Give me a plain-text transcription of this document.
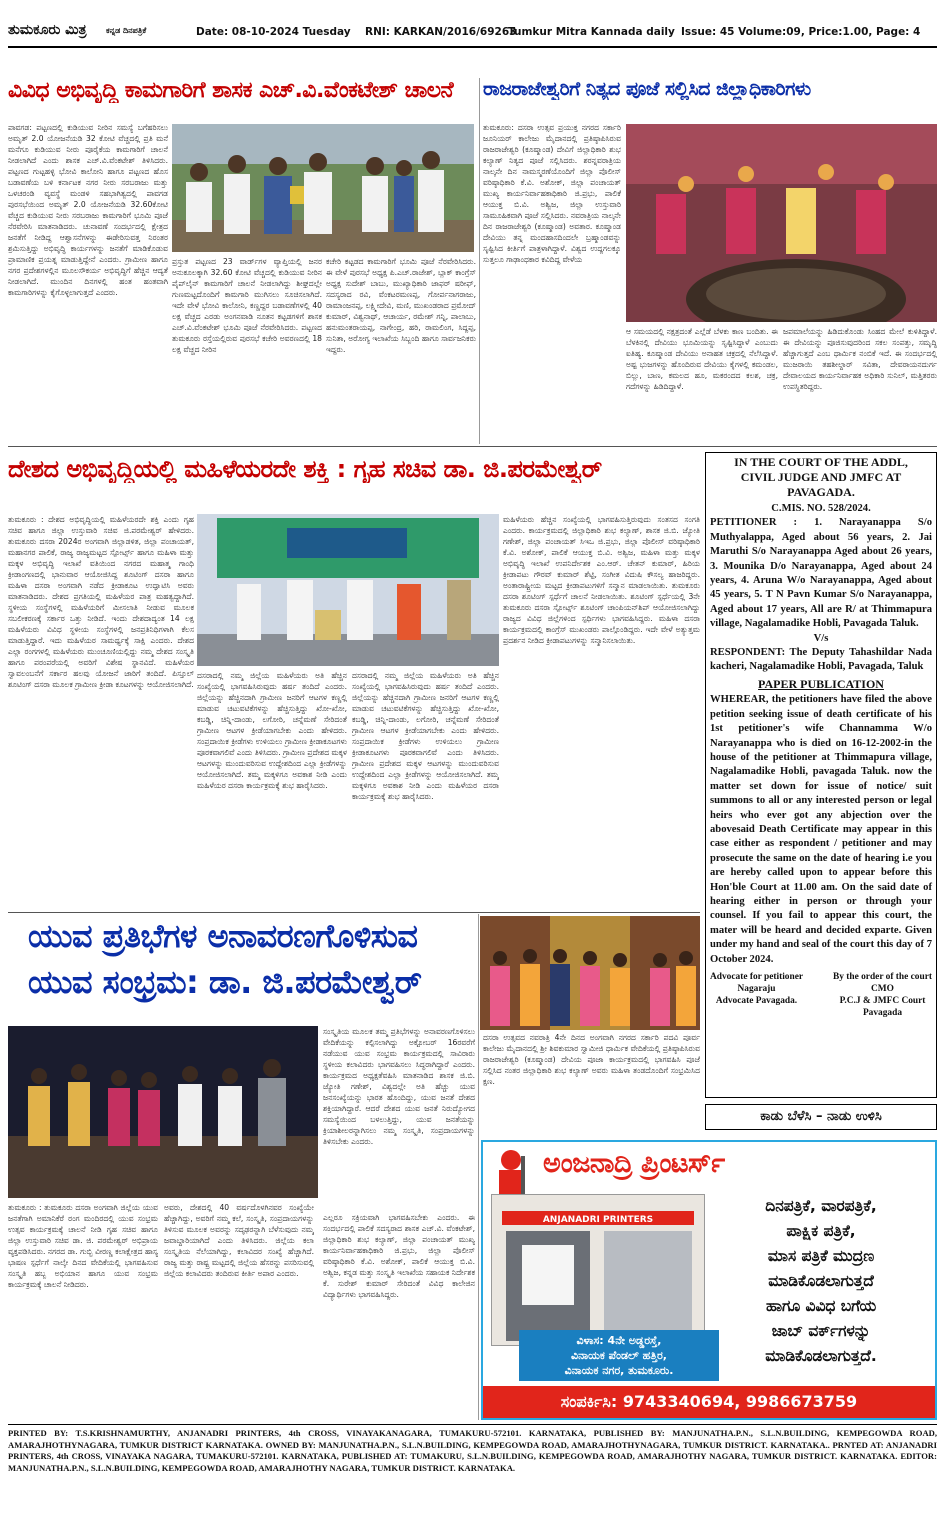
ತುಮಕೂರು ಮಿತ್ರ ಕನ್ನಡ ದಿನಪತ್ರಿಕೆ	Date: 08-10-2024 Tuesday RNI: KARKAN/2016/69263
Tumkur Mitra Kannada daily Issue: 45 Volume:09, Price:1.00, Page: 4
ವಿವಿಧ ಅಭಿವೃದ್ಧಿ ಕಾಮಗಾರಿಗೆ ಶಾಸಕ ಎಚ್.ವಿ.ವೆಂಕಟೇಶ್ ಚಾಲನೆ
ಪಾವಗಡ: ಪಟ್ಟಣದಲ್ಲಿ ಕುಡಿಯುವ ನೀರಿನ ಸಮಸ್ಯೆ ಬಗೆಹರಿಸಲು ಅಮೃತ್ 2.0 ಯೋಜನೆಯಡಿ 32 ಕೋಟಿ ವೆಚ್ಚದಲ್ಲಿ ಪ್ರತಿ ಮನೆ ಮನೆಗೂ ಕುಡಿಯುವ ನೀರು ಪೂರೈಕೆಯ ಕಾಮಗಾರಿಗೆ ಚಾಲನೆ ನೀಡಲಾಗಿದೆ ಎಂದು ಶಾಸಕ ಎಚ್.ವಿ.ವೆಂಕಟೇಶ್ ತಿಳಿಸಿದರು. ಪಟ್ಟಣದ ಗುಟ್ಟಹಳ್ಳಿ ಭೋವಿ ಕಾಲೋನಿ ಹಾಗೂ ಪಟ್ಟಣದ ಹೊಸ ಬಡಾವಣೆಯ ಬಳಿ ಕರ್ನಾಟಕ ನಗರ ನೀರು ಸರಬರಾಜು ಮತ್ತು ಒಳಚರಂಡಿ ವ್ಯವಸ್ಥೆ ಮಂಡಳಿ ಸಹಭಾಗಿತ್ವದಲ್ಲಿ ಪಾವಗಡ ಪುರಸಭೆಯಿಂದ ಅಮೃತ್ 2.0 ಯೋಜನೆಯಡಿ 32.60ಕೋಟಿ ವೆಚ್ಚದ ಕುಡಿಯುವ ನೀರು ಸರಬರಾಜು ಕಾಮಗಾರಿಗೆ ಭೂಮಿ ಪೂಜೆ ನೆರವೇರಿಸಿ ಮಾತನಾಡಿದರು. ಚುನಾವಣೆ ಸಂದರ್ಭದಲ್ಲಿ ಕ್ಷೇತ್ರದ ಜನತೆಗೆ ನೀಡಿದ್ದ ಆಶ್ವಾಸನೆಗಳನ್ನು ಈಡೇರಿಸುವತ್ತ ನಿರಂತರ ಶ್ರಮಿಸುತ್ತಿದ್ದು ಅಭಿವೃದ್ಧಿ ಕಾರ್ಯಗಳನ್ನು ಜನತೆಗೆ ಮಾಡಿಕೊಡುವ ಪ್ರಾಮಾಣಿಕ ಪ್ರಯತ್ನ ಮಾಡುತ್ತಿದ್ದೇನೆ ಎಂದರು. ಗ್ರಾಮೀಣ ಹಾಗೂ ನಗರ ಪ್ರದೇಶಗಳಲ್ಲಿನ ಮೂಲಸೌಕರ್ಯ ಅಭಿವೃದ್ಧಿಗೆ ಹೆಚ್ಚಿನ ಆದ್ಯತೆ ನೀಡಲಾಗಿದೆ. ಮುಂದಿನ ದಿನಗಳಲ್ಲಿ ಹಂತ ಹಂತವಾಗಿ ಕಾಮಗಾರಿಗಳನ್ನು ಕೈಗೊಳ್ಳಲಾಗುತ್ತದೆ ಎಂದರು.
ಪ್ರಸ್ತುತ ಪಟ್ಟಣದ 23 ವಾರ್ಡ್‌ಗಳ ವ್ಯಾಪ್ತಿಯಲ್ಲಿ ಜನರ ಅನುಕೂಲಕ್ಕಾಗಿ 32.60 ಕೋಟಿ ವೆಚ್ಚದಲ್ಲಿ ಕುಡಿಯುವ ನೀರಿನ ಪೈಪ್‌ಲೈನ್ ಕಾಮಗಾರಿಗೆ ಚಾಲನೆ ನೀಡಲಾಗಿದ್ದು ಶೀಘ್ರದಲ್ಲೇ ಗುಣಮಟ್ಟದೊಂದಿಗೆ ಕಾಮಗಾರಿ ಮುಗಿಸಲು ಸೂಚಿಸಲಾಗಿದೆ. ಇದೇ ವೇಳೆ ಭೋವಿ ಕಾಲೋನಿ, ಕಣ್ಣದ್ದರ ಬಡಾವಣೆಗಳಲ್ಲಿ 40 ಲಕ್ಷ ವೆಚ್ಚದ ಎರಡು ಅಂಗನವಾಡಿ ನೂತನ ಕಟ್ಟಡಗಳಿಗೆ ಶಾಸಕ ಎಚ್.ವಿ.ವೆಂಕಟೇಶ್ ಭೂಮಿ ಪೂಜೆ ನೆರವೇರಿಸಿದರು. ಪಟ್ಟಣದ ತುಮಕೂರು ರಸ್ತೆಯಲ್ಲಿರುವ ಪುರಸಭೆ ಕಚೇರಿ ಅವರಣದಲ್ಲಿ 18 ಲಕ್ಷ ವೆಚ್ಚದ ನೀರಿನ
ಕಚೇರಿ ಕಟ್ಟಡದ ಕಾಮಗಾರಿಗೆ ಭೂಮಿ ಪೂಜೆ ನೆರವೇರಿಸಿದರು. ಈ ವೇಳೆ ಪುರಸಭೆ ಅಧ್ಯಕ್ಷ ಪಿ.ಎಚ್.ರಾಜೇಶ್, ಬ್ಲಾಕ್ ಕಾಂಗ್ರೆಸ್ ಅಧ್ಯಕ್ಷ ಸುದೇಶ್ ಬಾಬು, ಮುಖ್ಯಾಧಿಕಾರಿ ಜಾಫರ್ ಷರೀಫ್, ಸದಸ್ಯರಾದ ರವಿ, ವೆಂಕಟರಮಣಪ್ಪ, ಗೋರ್ಪನಾಗರಾಜು, ರಾಮಾಂಜನಪ್ಪ, ಲಕ್ಷ್ಮೀದೇವಿ, ಮಣಿ, ಮುಖಂಡರಾದ ಪ್ರಮೋದ್ ಕುಮಾರ್, ವಿಶ್ವನಾಥ್, ಆಚಾರ್ಯ, ರಮೇಶ್ ಗನ್ನಿ, ಪಾಲಾಬು, ಹನುಮಂತರಾಯಪ್ಪ, ನಾಗೇಂದ್ರ, ಹರಿ, ರಾಮಲಿಂಗ, ಸಿದ್ದಪ್ಪ, ಸುನಿತಾ, ಅರೋಗ್ಯ ಇಲಾಖೆಯ ಸಿಬ್ಬಂದಿ ಹಾಗೂ ಸಾರ್ವಜನಿಕರು ಇದ್ದರು.
ರಾಜರಾಜೇಶ್ವರಿಗೆ ನಿತ್ಯದ ಪೂಜೆ ಸಲ್ಲಿಸಿದ ಜಿಲ್ಲಾಧಿಕಾರಿಗಳು
ತುಮಕೂರು: ದಸರಾ ಉತ್ಸವ ಪ್ರಯುಕ್ತ ನಗರದ ಸರ್ಕಾರಿ ಜೂನಿಯರ್ ಕಾಲೇಜು ಮೈದಾನದಲ್ಲಿ ಪ್ರತಿಷ್ಠಾಪಿಸಿರುವ ರಾಜರಾಜೇಶ್ವರಿ (ಕೂಷ್ಮಾಂಡ) ದೇವಿಗೆ ಜಿಲ್ಲಾಧಿಕಾರಿ ಶುಭ ಕಲ್ಯಾಣ್ ನಿತ್ಯದ ಪೂಜೆ ಸಲ್ಲಿಸಿದರು. ಶರನ್ನವರಾತ್ರಿಯ ನಾಲ್ಕನೇ ದಿನ ನಾಮಸ್ಮರಣೆಯೊಂದಿಗೆ ಜಿಲ್ಲಾ ಪೊಲೀಸ್ ವರಿಷ್ಠಾಧಿಕಾರಿ ಕೆ.ವಿ. ಅಶೋಕ್, ಜಿಲ್ಲಾ ಪಂಚಾಯತ್ ಮುಖ್ಯ ಕಾರ್ಯನಿರ್ವಾಹಕಾಧಿಕಾರಿ ಜಿ.ಪ್ರಭು, ಪಾಲಿಕೆ ಆಯುಕ್ತ ಬಿ.ವಿ. ಅಶ್ವಿಜ, ಜಿಲ್ಲಾ ಉಸ್ತುವಾರಿ ಸಾಮೂಹಿಕವಾಗಿ ಪೂಜೆ ಸಲ್ಲಿಸಿದರು. ನವರಾತ್ರಿಯ ನಾಲ್ಕನೇ ದಿನ ರಾಜರಾಜೇಶ್ವರಿ (ಕೂಷ್ಮಾಂಡ) ಅವತಾರ. ಕೂಷ್ಮಾಂಡ ದೇವಿಯು ತನ್ನ ಮಂದಹಾಸದಿಂದಲೇ ಬ್ರಹ್ಮಾಂಡವನ್ನು ಸೃಷ್ಟಿಸಿದ ಕೀರ್ತಿಗೆ ಪಾತ್ರಳಾಗಿದ್ದಾಳೆ. ವಿಶ್ವದ ಉದ್ದಗಲಕ್ಕೂ ಸುತ್ತಲೂ ಗಾಢಾಂಧಕಾರ ಕವಿದಿದ್ದ ವೇಳೆಯ
ಆ ಸಮಯದಲ್ಲಿ ನಕ್ಷತ್ರದಂತೆ ಎಲ್ಲೆಡೆ ಬೆಳಕು ಕಾಣ ಬಂದಿತು. ಈ ಬೆಳಕಿನಲ್ಲಿ ದೇವಿಯು ಭೂಮಿಯನ್ನು ಸೃಷ್ಟಿಸಿದ್ದಾಳೆ ಎಂಬುದು ಐತಿಹ್ಯ. ಕೂಷ್ಮಾಂಡ ದೇವಿಯು ಅನಾಹತ ಚಕ್ರದಲ್ಲಿ ನೆಲೆಸಿದ್ದಾಳೆ. ಅಷ್ಟ ಭುಜಗಳನ್ನು ಹೊಂದಿರುವ ದೇವಿಯು ಕೈಗಳಲ್ಲಿ ಕಮಂಡಲ, ಬಿಲ್ಲು, ಬಾಣ, ಕಮಲದ ಹೂ, ಮಕರಂದದ ಕಲಶ, ಚಕ್ರ, ಗದೆಗಳನ್ನು ಹಿಡಿದಿದ್ದಾಳೆ.
ಜಪಮಾಲೆಯನ್ನು ಹಿಡಿದುಕೊಂಡು ಸಿಂಹದ ಮೇಲೆ ಕುಳಿತಿದ್ದಾಳೆ. ಈ ದೇವಿಯನ್ನು ಪೂಜಿಸುವುದರಿಂದ ಸಕಲ ಸಂಪತ್ತು, ಸಮೃದ್ಧಿ ಹೆಚ್ಚಾಗುತ್ತದೆ ಎಂಬ ಧಾರ್ಮಿಕ ನಂಬಿಕೆ ಇದೆ. ಈ ಸಂದರ್ಭದಲ್ಲಿ ಮುಜರಾಯಿ ತಹಶೀಲ್ದಾರ್ ಸವಿತಾ, ದೇವರಾಯನದುರ್ಗ ದೇವಾಲಯದ ಕಾರ್ಯನಿರ್ವಾಹಕ ಅಧಿಕಾರಿ ಸುನಿಲ್, ಮತ್ತಿತರರು ಉಪಸ್ಥಿತರಿದ್ದರು.
ದೇಶದ ಅಭಿವೃದ್ಧಿಯಲ್ಲಿ ಮಹಿಳೆಯರದೇ ಶಕ್ತಿ : ಗೃಹ ಸಚಿವ ಡಾ. ಜಿ.ಪರಮೇಶ್ವರ್
ತುಮಕೂರು : ದೇಶದ ಅಭಿವೃದ್ಧಿಯಲ್ಲಿ ಮಹಿಳೆಯರದೇ ಶಕ್ತಿ ಎಂದು ಗೃಹ ಸಚಿವ ಹಾಗೂ ಜಿಲ್ಲಾ ಉಸ್ತುವಾರಿ ಸಚಿವ ಜಿ.ಪರಮೇಶ್ವರ್ ಹೇಳಿದರು. ತುಮಕೂರು ದಸರಾ 2024ರ ಅಂಗವಾಗಿ ಜಿಲ್ಲಾಡಳಿತ, ಜಿಲ್ಲಾ ಪಂಚಾಯತ್, ಮಹಾನಗರ ಪಾಲಿಕೆ, ರಾಜ್ಯ ರಾಜ್ಯಮಟ್ಟದ ಸ್ಪೋರ್ಟ್ಸ್ ಹಾಗೂ ಮಹಿಳಾ ಮತ್ತು ಮಕ್ಕಳ ಅಭಿವೃದ್ಧಿ ಇಲಾಖೆ ವತಿಯಿಂದ ನಗರದ ಮಹಾತ್ಮ ಗಾಂಧಿ ಕ್ರೀಡಾಂಗಣದಲ್ಲಿ ಭಾನುವಾರ ಆಯೋಜಿಸಿದ್ದ ಶೂಟಿಂಗ್ ದಸರಾ ಹಾಗೂ ಮಹಿಳಾ ದಸರಾ ಅಂಗವಾಗಿ ನಡೆದ ಕ್ರೀಡಾಕೂಟ ಉದ್ಘಾಟಿಸಿ ಅವರು ಮಾತನಾಡಿದರು. ದೇಶದ ಪ್ರಗತಿಯಲ್ಲಿ ಮಹಿಳೆಯರ ಪಾತ್ರ ಮಹತ್ವದ್ದಾಗಿದೆ. ಸ್ಥಳೀಯ ಸಂಸ್ಥೆಗಳಲ್ಲಿ ಮಹಿಳೆಯರಿಗೆ ಮೀಸಲಾತಿ ನೀಡುವ ಮೂಲಕ ಸಬಲೀಕರಣಕ್ಕೆ ಸರ್ಕಾರ ಒತ್ತು ನೀಡಿದೆ. ಇಂದು ದೇಶದಾದ್ಯಂತ 14 ಲಕ್ಷ ಮಹಿಳೆಯರು ವಿವಿಧ ಸ್ಥಳೀಯ ಸಂಸ್ಥೆಗಳಲ್ಲಿ ಜನಪ್ರತಿನಿಧಿಗಳಾಗಿ ಕೆಲಸ ಮಾಡುತ್ತಿದ್ದಾರೆ. ಇದು ಮಹಿಳೆಯರ ಸಾಮರ್ಥ್ಯಕ್ಕೆ ಸಾಕ್ಷಿ ಎಂದರು. ದೇಶದ ಎಲ್ಲಾ ರಂಗಗಳಲ್ಲಿ ಮಹಿಳೆಯರು ಮುಂಚೂಣಿಯಲ್ಲಿದ್ದು ನಮ್ಮ ದೇಶದ ಸಂಸ್ಕೃತಿ ಹಾಗೂ ಪರಂಪರೆಯಲ್ಲಿ ಅವರಿಗೆ ವಿಶೇಷ ಸ್ಥಾನವಿದೆ. ಮಹಿಳೆಯರ ಸ್ವಾವಲಂಬನೆಗೆ ಸರ್ಕಾರ ಹಲವು ಯೋಜನೆ ಜಾರಿಗೆ ತಂದಿದೆ. ಪಿಸ್ತೂಲ್ ಶೂಟಿಂಗ್ ದಸರಾ ಮೂಲಕ ಗ್ರಾಮೀಣ ಕ್ರೀಡಾ ಕೂಟಗಳನ್ನು ಆಯೋಜಿಸಲಾಗಿದೆ.
ದಸರಾದಲ್ಲಿ ನಮ್ಮ ಜಿಲ್ಲೆಯ ಮಹಿಳೆಯರು ಅತಿ ಹೆಚ್ಚಿನ ಸಂಖ್ಯೆಯಲ್ಲಿ ಭಾಗವಹಿಸಿರುವುದು ಹರ್ಷ ತಂದಿದೆ ಎಂದರು. ಜಿಲ್ಲೆಯನ್ನು ಹೆಚ್ಚಿನದಾಗಿ ಗ್ರಾಮೀಣ ಜನರಿಗೆ ಆಟಗಳ ಕಣ್ಣಲ್ಲಿ ಮಾಡುವ ಚಟುವಟಿಕೆಗಳನ್ನು ಹೆಚ್ಚಿಸುತ್ತಿದ್ದು ಖೋ-ಖೋ, ಕಬಡ್ಡಿ, ಚಿನ್ನಿ-ದಾಂಡು, ಲಗೋರಿ, ಚನ್ನೆಮಣೆ ಸೇರಿದಂತೆ ಗ್ರಾಮೀಣ ಆಟಗಳ ಕ್ರೀಡೆಯಾಗಬೇಕು ಎಂದು ಹೇಳಿದರು. ಸಂಪ್ರದಾಯಿಕ ಕ್ರೀಡೆಗಳು ಉಳಿಯಲು ಗ್ರಾಮೀಣ ಕ್ರೀಡಾಕೂಟಗಳು ಪೂರಕವಾಗಲಿವೆ ಎಂದು ತಿಳಿಸಿದರು. ಗ್ರಾಮೀಣ ಪ್ರದೇಶದ ಮಕ್ಕಳ ಆಟಗಳನ್ನು ಮುಂದುವರಿಸುವ ಉದ್ದೇಶದಿಂದ ಎಲ್ಲಾ ಕ್ರೀಡೆಗಳನ್ನು ಆಯೋಜಿಸಲಾಗಿದೆ. ತಮ್ಮ ಮಕ್ಕಳಿಗೂ ಅವಕಾಶ ನೀಡಿ ಎಂದು ಮಹಿಳೆಯರ ದಸರಾ ಕಾರ್ಯಕ್ರಮಕ್ಕೆ ಶುಭ ಹಾರೈಸಿದರು.
ದಸರಾದಲ್ಲಿ ನಮ್ಮ ಜಿಲ್ಲೆಯ ಮಹಿಳೆಯರು ಅತಿ ಹೆಚ್ಚಿನ ಸಂಖ್ಯೆಯಲ್ಲಿ ಭಾಗವಹಿಸಿರುವುದು ಹರ್ಷ ತಂದಿದೆ ಎಂದರು. ಜಿಲ್ಲೆಯನ್ನು ಹೆಚ್ಚಿನದಾಗಿ ಗ್ರಾಮೀಣ ಜನರಿಗೆ ಆಟಗಳ ಕಣ್ಣಲ್ಲಿ ಮಾಡುವ ಚಟುವಟಿಕೆಗಳನ್ನು ಹೆಚ್ಚಿಸುತ್ತಿದ್ದು ಖೋ-ಖೋ, ಕಬಡ್ಡಿ, ಚಿನ್ನಿ-ದಾಂಡು, ಲಗೋರಿ, ಚನ್ನೆಮಣೆ ಸೇರಿದಂತೆ ಗ್ರಾಮೀಣ ಆಟಗಳ ಕ್ರೀಡೆಯಾಗಬೇಕು ಎಂದು ಹೇಳಿದರು. ಸಂಪ್ರದಾಯಿಕ ಕ್ರೀಡೆಗಳು ಉಳಿಯಲು ಗ್ರಾಮೀಣ ಕ್ರೀಡಾಕೂಟಗಳು ಪೂರಕವಾಗಲಿವೆ ಎಂದು ತಿಳಿಸಿದರು. ಗ್ರಾಮೀಣ ಪ್ರದೇಶದ ಮಕ್ಕಳ ಆಟಗಳನ್ನು ಮುಂದುವರಿಸುವ ಉದ್ದೇಶದಿಂದ ಎಲ್ಲಾ ಕ್ರೀಡೆಗಳನ್ನು ಆಯೋಜಿಸಲಾಗಿದೆ. ತಮ್ಮ ಮಕ್ಕಳಿಗೂ ಅವಕಾಶ ನೀಡಿ ಎಂದು ಮಹಿಳೆಯರ ದಸರಾ ಕಾರ್ಯಕ್ರಮಕ್ಕೆ ಶುಭ ಹಾರೈಸಿದರು.
ಮಹಿಳೆಯರು ಹೆಚ್ಚಿನ ಸಂಖ್ಯೆಯಲ್ಲಿ ಭಾಗವಹಿಸುತ್ತಿರುವುದು ಸಂತಸದ ಸಂಗತಿ ಎಂದರು. ಕಾರ್ಯಕ್ರಮದಲ್ಲಿ ಜಿಲ್ಲಾಧಿಕಾರಿ ಶುಭ ಕಲ್ಯಾಣ್, ಶಾಸಕ ಜಿ.ಬಿ. ಜ್ಯೋತಿ ಗಣೇಶ್, ಜಿಲ್ಲಾ ಪಂಚಾಯತ್ ಸಿಇಒ ಜಿ.ಪ್ರಭು, ಜಿಲ್ಲಾ ಪೊಲೀಸ್ ವರಿಷ್ಠಾಧಿಕಾರಿ ಕೆ.ವಿ. ಅಶೋಕ್, ಪಾಲಿಕೆ ಆಯುಕ್ತ ಬಿ.ವಿ. ಅಶ್ವಿಜ, ಮಹಿಳಾ ಮತ್ತು ಮಕ್ಕಳ ಅಭಿವೃದ್ಧಿ ಇಲಾಖೆ ಉಪನಿರ್ದೇಶಕ ಎಂ.ಆರ್. ಚೇತನ್ ಕುಮಾರ್, ಹಿರಿಯ ಕ್ರೀಡಾಪಟು ಗೌರವ್ ಕುಮಾರ್ ಶೆಟ್ಟಿ, ಸಂಗೀತ ವಿದುಷಿ ಕೌಸಲ್ಯ ಹಾಜರಿದ್ದರು. ಅಂತಾರಾಷ್ಟ್ರೀಯ ಮಟ್ಟದ ಕ್ರೀಡಾಪಟುಗಳಿಗೆ ಸನ್ಮಾನ ಮಾಡಲಾಯಿತು. ತುಮಕೂರು ದಸರಾ ಶೂಟಿಂಗ್ ಸ್ಪರ್ಧೆಗೆ ಚಾಲನೆ ನೀಡಲಾಯಿತು. ಶೂಟಿಂಗ್ ಸ್ಪರ್ಧೆಯಲ್ಲಿ 3ನೇ ತುಮಕೂರು ದಸರಾ ಸ್ಪೋರ್ಟ್ಸ್ ಶೂಟಿಂಗ್ ಚಾಂಪಿಯನ್‌ಶಿಪ್ ಆಯೋಜಿಸಲಾಗಿದ್ದು ರಾಜ್ಯದ ವಿವಿಧ ಜಿಲ್ಲೆಗಳಿಂದ ಸ್ಪರ್ಧಿಗಳು ಭಾಗವಹಿಸಿದ್ದರು. ಮಹಿಳಾ ದಸರಾ ಕಾರ್ಯಕ್ರಮದಲ್ಲಿ ಕಾಂಗ್ರೆಸ್ ಮುಖಂಡರು ಪಾಲ್ಗೊಂಡಿದ್ದರು. ಇದೇ ವೇಳೆ ಅತ್ಯುತ್ತಮ ಪ್ರದರ್ಶನ ನೀಡಿದ ಕ್ರೀಡಾಪಟುಗಳನ್ನು ಸನ್ಮಾನಿಸಲಾಯಿತು.
IN THE COURT OF THE ADDL,
CIVIL JUDGE AND JMFC AT
PAVAGADA.
C.MIS. NO. 528/2024.
PETITIONER : 1. Narayanappa S/o Muthyalappa, Aged about 56 years, 2. Jai Maruthi S/o Narayanappa Aged about 26 years, 3. Mounika D/o Narayanappa, Aged about 24 years, 4. Aruna W/o Narayanappa, Aged about 45 years, 5. T N Pavn Kumar S/o Narayanappa, Aged about 17 years, All are R/ at Thimmapura village, Nagalamadike Hobli, Pavagada Taluk.
V/s
RESPONDENT: The Deputy Tahashildar Nada kacheri, Nagalamadike Hobli, Pavagada, Taluk
PAPER PUBLICATION
WHEREAR, the petitioners have filed the above petition seeking issue of death certificate of his 1st petitioner's wife Channamma W/o Narayanappa who is died on 16-12-2002-in the house of the petitioner at Thimmapura village, Nagalamadike Hobli, pavagada Taluk. now the matter set down for issue of notice/ suit summons to all or any interested person or legal heirs who ever got any abjection over the abovesaid Death Certificate may appear in this case either as respondent / petitioner and may prosecute the same on the date of hearing i.e you are hereby called upon to appear before this Hon'ble Court at 11.00 am. On the said date of hearing either in person or through your counsel. If you fail to appear this court, the mater will be heard and decided exparte. Given under my hand and seal of the court this day of 7 October 2024.
Advocate for petitioner
Nagaraju
Advocate Pavagada.
By the order of the court
CMO
P.C.J & JMFC Court
Pavagada
ಕಾಡು ಬೆಳೆಸಿ – ನಾಡು ಉಳಿಸಿ
ಯುವ ಪ್ರತಿಭೆಗಳ ಅನಾವರಣಗೊಳಿಸುವ
ಯುವ ಸಂಭ್ರಮ: ಡಾ. ಜಿ.ಪರಮೇಶ್ವರ್
ಸಂಸ್ಕೃತಿಯ ಮೂಲಕ ತಮ್ಮ ಪ್ರತಿಭೆಗಳನ್ನು ಅನಾವರಣಗೊಳಿಸಲು ವೇದಿಕೆಯನ್ನು ಕಲ್ಪಿಸಲಾಗಿದ್ದು ಅಕ್ಟೋಬರ್ 16ರವರೆಗೆ ನಡೆಯುವ ಯುವ ಸಂಭ್ರಮ ಕಾರ್ಯಕ್ರಮದಲ್ಲಿ ಸಾವಿರಾರು ಸ್ಥಳೀಯ ಕಲಾವಿದರು ಭಾಗವಹಿಸಲು ಸಿದ್ಧರಾಗಿದ್ದಾರೆ ಎಂದರು. ಕಾರ್ಯಕ್ರಮದ ಅಧ್ಯಕ್ಷತೆವಹಿಸಿ ಮಾತನಾಡಿದ ಶಾಸಕ ಜಿ.ಬಿ. ಜ್ಯೋತಿ ಗಣೇಶ್, ವಿಶ್ವದಲ್ಲೇ ಅತಿ ಹೆಚ್ಚು ಯುವ ಜನಸಂಖ್ಯೆಯನ್ನು ಭಾರತ ಹೊಂದಿದ್ದು, ಯುವ ಜನತೆ ದೇಶದ ಶಕ್ತಿಯಾಗಿದ್ದಾರೆ. ಆದರೆ ದೇಶದ ಯುವ ಜನತೆ ನಿರುದ್ಯೋಗದ ಸಮಸ್ಯೆಯಿಂದ ಬಳಲುತ್ತಿದ್ದು, ಯುವ ಜನತೆಯನ್ನು ಕ್ರಿಯಾಶೀಲರನ್ನಾಗಿಸಲು ನಮ್ಮ ಸಂಸ್ಕೃತಿ, ಸಂಪ್ರದಾಯಗಳನ್ನು ತಿಳಿಸಬೇಕು ಎಂದರು.
ತುಮಕೂರು : ತುಮಕೂರು ದಸರಾ ಅಂಗವಾಗಿ ಜಿಲ್ಲೆಯ ಯುವ ಜನತೆಗಾಗಿ ಅಮಾನಿಕೆರೆ ರಂಗ ಮಂದಿರದಲ್ಲಿ ಯುವ ಸಂಭ್ರಮ ಉತ್ಸವ ಕಾರ್ಯಕ್ರಮಕ್ಕೆ ಚಾಲನೆ ನೀಡಿ ಗೃಹ ಸಚಿವ ಹಾಗೂ ಜಿಲ್ಲಾ ಉಸ್ತುವಾರಿ ಸಚಿವ ಡಾ. ಜಿ. ಪರಮೇಶ್ವರ್ ಅಭಿಪ್ರಾಯ ವ್ಯಕ್ತಪಡಿಸಿದರು. ನಗರದ ಡಾ. ಗುಬ್ಬಿ ವೀರಣ್ಣ ಕಲಾಕ್ಷೇತ್ರದ ಹಾಸ್ಯ ಭಾಷಣ ಸ್ಪರ್ಧೆಗೆ ನಾಲ್ಕೇ ದಿನದ ವೇದಿಕೆಯಲ್ಲಿ ಭಾಗವಹಿಸುವ ಸಂಸ್ಕೃತಿ ಹಬ್ಬ ಅಭಿಯಾನ ಹಾಗೂ ಯುವ ಸಂಭ್ರಮ ಕಾರ್ಯಕ್ರಮಕ್ಕೆ ಚಾಲನೆ ನೀಡಿದರು.
ಅವರು, ದೇಶದಲ್ಲಿ 40 ವರ್ಷದೊಳಗಿನವರ ಸಂಖ್ಯೆಯೇ ಹೆಚ್ಚಾಗಿದ್ದು, ಅವರಿಗೆ ನಮ್ಮ ಕಲೆ, ಸಂಸ್ಕೃತಿ, ಸಂಪ್ರದಾಯಗಳನ್ನು ತಿಳಿಸುವ ಮೂಲಕ ಅವರನ್ನು ಸದೃಢರನ್ನಾಗಿ ಬೆಳೆಸುವುದು ನಮ್ಮ ಜವಾಬ್ದಾರಿಯಾಗಿದೆ ಎಂದು ತಿಳಿಸಿದರು. ಜಿಲ್ಲೆಯ ಕಲಾ ಸಂಸ್ಕೃತಿಯ ನೆಲೆಯಾಗಿದ್ದು, ಕಲಾವಿದರ ಸಂಖ್ಯೆ ಹೆಚ್ಚಾಗಿದೆ. ರಾಜ್ಯ ಮತ್ತು ರಾಷ್ಟ್ರ ಮಟ್ಟದಲ್ಲಿ ಜಿಲ್ಲೆಯ ಹೆಸರನ್ನು ಪಸರಿಸುವಲ್ಲಿ ಜಿಲ್ಲೆಯ ಕಲಾವಿದರು ತಂದಿರುವ ಕೀರ್ತಿ ಅಪಾರ ಎಂದರು.
ಎಲ್ಲರೂ ಸಕ್ರಿಯವಾಗಿ ಭಾಗವಹಿಸಬೇಕು ಎಂದರು. ಈ ಸಂದರ್ಭದಲ್ಲಿ ಪಾಲಿಕೆ ಸದಸ್ಯರಾದ ಶಾಸಕ ಎಚ್.ವಿ. ವೆಂಕಟೇಶ್, ಜಿಲ್ಲಾಧಿಕಾರಿ ಶುಭ ಕಲ್ಯಾಣ್, ಜಿಲ್ಲಾ ಪಂಚಾಯತ್ ಮುಖ್ಯ ಕಾರ್ಯನಿರ್ವಾಹಕಾಧಿಕಾರಿ ಜಿ.ಪ್ರಭು, ಜಿಲ್ಲಾ ಪೊಲೀಸ್ ವರಿಷ್ಠಾಧಿಕಾರಿ ಕೆ.ವಿ. ಅಶೋಕ್, ಪಾಲಿಕೆ ಆಯುಕ್ತ ಬಿ.ವಿ. ಅಶ್ವಿಜ, ಕನ್ನಡ ಮತ್ತು ಸಂಸ್ಕೃತಿ ಇಲಾಖೆಯ ಸಹಾಯಕ ನಿರ್ದೇಶಕ ಕೆ. ಸುರೇಶ್ ಕುಮಾರ್ ಸೇರಿದಂತೆ ವಿವಿಧ ಕಾಲೇಜಿನ ವಿದ್ಯಾರ್ಥಿಗಳು ಭಾಗವಹಿಸಿದ್ದರು.
ದಸರಾ ಉತ್ಸವದ ನವರಾತ್ರಿ 4ನೇ ದಿನದ ಅಂಗವಾಗಿ ನಗರದ ಸರ್ಕಾರಿ ಪದವಿ ಪೂರ್ವ ಕಾಲೇಜು ಮೈದಾನದಲ್ಲಿ ಶ್ರೀ ಶಿವಕುಮಾರ ಸ್ವಾಮೀಜಿ ಧಾರ್ಮಿಕ ವೇದಿಕೆಯಲ್ಲಿ ಪ್ರತಿಷ್ಠಾಪಿಸಿರುವ ರಾಜರಾಜೇಶ್ವರಿ (ಕೂಷ್ಮಾಂಡ) ದೇವಿಯ ಪೂಜಾ ಕಾರ್ಯಕ್ರಮದಲ್ಲಿ ಭಾಗವಹಿಸಿ ಪೂಜೆ ಸಲ್ಲಿಸಿದ ನಂತರ ಜಿಲ್ಲಾಧಿಕಾರಿ ಶುಭ ಕಲ್ಯಾಣ್ ಅವರು ಮಹಿಳಾ ತಂಡದೊಂದಿಗೆ ಸಂಭ್ರಮಿಸಿದ ಕ್ಷಣ.
ಅಂಜನಾದ್ರಿ ಪ್ರಿಂಟರ್ಸ್
ANJANADRI PRINTERS
ವಿಳಾಸ: 4ನೇ ಅಡ್ಡರಸ್ತೆ,
ವಿನಾಯಕ ಪೆಂಡಲ್ ಹತ್ತಿರ,
ವಿನಾಯಕ ನಗರ, ತುಮಕೂರು.
ದಿನಪತ್ರಿಕೆ, ವಾರಪತ್ರಿಕೆ,
ಪಾಕ್ಷಿಕ ಪತ್ರಿಕೆ,
ಮಾಸ ಪತ್ರಿಕೆ ಮುದ್ರಣ
ಮಾಡಿಕೊಡಲಾಗುತ್ತದೆ
ಹಾಗೂ ವಿವಿಧ ಬಗೆಯ
ಜಾಬ್ ವರ್ಕ್‌ಗಳನ್ನು
ಮಾಡಿಕೊಡಲಾಗುತ್ತದೆ.
ಸಂಪರ್ಕಿಸಿ: 9743340694, 9986673759
PRINTED BY: T.S.KRISHNAMURTHY, ANJANADRI PRINTERS, 4th CROSS, VINAYAKANAGARA, TUMAKURU-572101. KARNATAKA, PUBLISHED BY: MANJUNATHA.P.N., S.L.N.BUILDING, KEMPEGOWDA ROAD, AMARAJHOTHYNAGARA, TUMKUR DISTRICT KARNATAKA. OWNED BY: MANJUNATHA.P.N., S.L.N.BUILDING, KEMPEGOWDA ROAD, AMARAJHOTHYNAGARA, TUMKUR DISTRICT. KARNATAKA.. PRNTED AT: ANJANADRI PRINTERS, 4th CROSS, VINAYAKA NAGARA, TUMAKURU-572101. KARNATAKA, PUBLISHED AT: TUMAKURU, S.L.N.BUILDING, KEMPEGOWDA ROAD, AMARAJHOTHY NAGARA, TUMKUR DISTRICT. KARNATAKA. EDITOR: MANJUNATHA.P.N., S.L.N.BUILDING, KEMPEGOWDA ROAD, AMARAJHOTHY NAGARA, TUMKUR DISTRICT. KARNATAKA.
